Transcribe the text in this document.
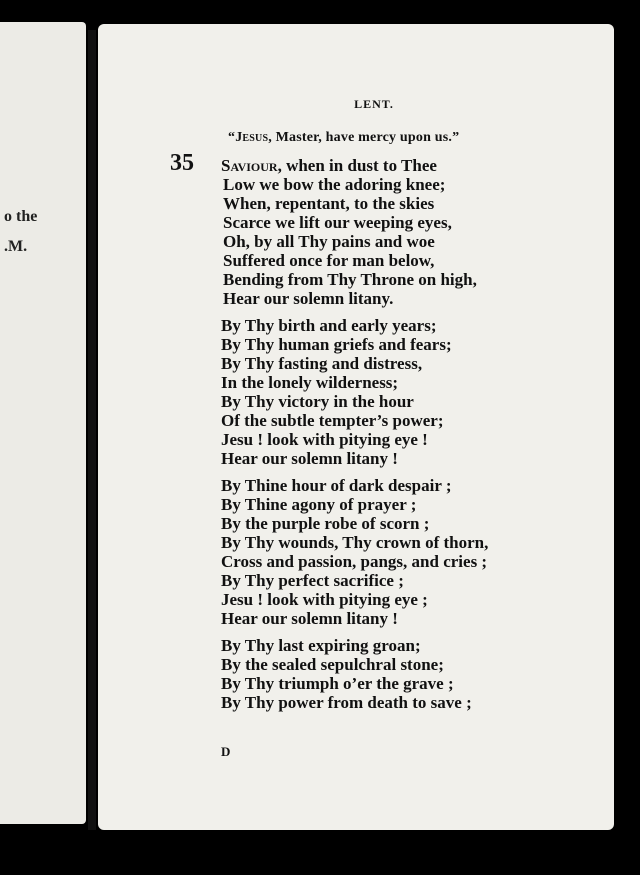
o the
.M.
LENT.
“Jesus, Master, have mercy upon us.”
35 Saviour, when in dust to Thee
Low we bow the adoring knee;
When, repentant, to the skies
Scarce we lift our weeping eyes,
Oh, by all Thy pains and woe
Suffered once for man below,
Bending from Thy Throne on high,
Hear our solemn litany.
By Thy birth and early years;
By Thy human griefs and fears;
By Thy fasting and distress,
In the lonely wilderness;
By Thy victory in the hour
Of the subtle tempter’s power;
Jesu ! look with pitying eye !
Hear our solemn litany !
By Thine hour of dark despair ;
By Thine agony of prayer ;
By the purple robe of scorn ;
By Thy wounds, Thy crown of thorn,
Cross and passion, pangs, and cries ;
By Thy perfect sacrifice ;
Jesu ! look with pitying eye ;
Hear our solemn litany !
By Thy last expiring groan;
By the sealed sepulchral stone;
By Thy triumph o’er the grave ;
By Thy power from death to save ;
D
